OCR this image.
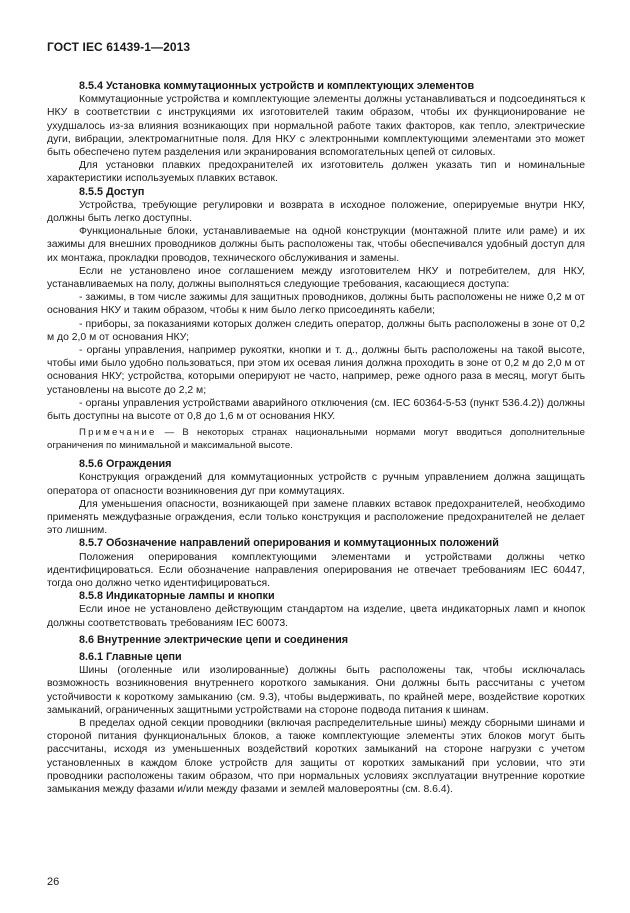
ГОСТ IEC 61439-1—2013

8.5.4 Установка коммутационных устройств и комплектующих элементов

Коммутационные устройства и комплектующие элементы должны устанавливаться и подсоединяться к НКУ в соответствии с инструкциями их изготовителей таким образом, чтобы их функционирование не ухудшалось из-за влияния возникающих при нормальной работе таких факторов, как тепло, электрические дуги, вибрации, электромагнитные поля. Для НКУ с электронными комплектующими элементами это может быть обеспечено путем разделения или экранирования вспомогательных цепей от силовых.

Для установки плавких предохранителей их изготовитель должен указать тип и номинальные характеристики используемых плавких вставок.

8.5.5 Доступ

Устройства, требующие регулировки и возврата в исходное положение, оперируемые внутри НКУ, должны быть легко доступны.

Функциональные блоки, устанавливаемые на одной конструкции (монтажной плите или раме) и их зажимы для внешних проводников должны быть расположены так, чтобы обеспечивался удобный доступ для их монтажа, прокладки проводов, технического обслуживания и замены.

Если не установлено иное соглашением между изготовителем НКУ и потребителем, для НКУ, устанавливаемых на полу, должны выполняться следующие требования, касающиеся доступа:

- зажимы, в том числе зажимы для защитных проводников, должны быть расположены не ниже 0,2 м от основания НКУ и таким образом, чтобы к ним было легко присоединять кабели;

- приборы, за показаниями которых должен следить оператор, должны быть расположены в зоне от 0,2 м до 2,0 м от основания НКУ;

- органы управления, например рукоятки, кнопки и т. д., должны быть расположены на такой высоте, чтобы ими было удобно пользоваться, при этом их осевая линия должна проходить в зоне от 0,2 м до 2,0 м от основания НКУ; устройства, которыми оперируют не часто, например, реже одного раза в месяц, могут быть установлены на высоте до 2,2 м;

- органы управления устройствами аварийного отключения (см. IEC 60364-5-53 (пункт 536.4.2)) должны быть доступны на высоте от 0,8 до 1,6 м от основания НКУ.

Примечание — В некоторых странах национальными нормами могут вводиться дополнительные ограничения по минимальной и максимальной высоте.

8.5.6 Ограждения

Конструкция ограждений для коммутационных устройств с ручным управлением должна защищать оператора от опасности возникновения дуг при коммутациях.

Для уменьшения опасности, возникающей при замене плавких вставок предохранителей, необходимо применять междуфазные ограждения, если только конструкция и расположение предохранителей не делает это лишним.

8.5.7 Обозначение направлений оперирования и коммутационных положений

Положения оперирования комплектующими элементами и устройствами должны четко идентифицироваться. Если обозначение направления оперирования не отвечает требованиям IEC 60447, тогда оно должно четко идентифицироваться.

8.5.8 Индикаторные лампы и кнопки

Если иное не установлено действующим стандартом на изделие, цвета индикаторных ламп и кнопок должны соответствовать требованиям IEC 60073.

8.6 Внутренние электрические цепи и соединения

8.6.1 Главные цепи

Шины (оголенные или изолированные) должны быть расположены так, чтобы исключалась возможность возникновения внутреннего короткого замыкания. Они должны быть рассчитаны с учетом устойчивости к короткому замыканию (см. 9.3), чтобы выдерживать, по крайней мере, воздействие коротких замыканий, ограниченных защитными устройствами на стороне подвода питания к шинам.

В пределах одной секции проводники (включая распределительные шины) между сборными шинами и стороной питания функциональных блоков, а также комплектующие элементы этих блоков могут быть рассчитаны, исходя из уменьшенных воздействий коротких замыканий на стороне нагрузки с учетом установленных в каждом блоке устройств для защиты от коротких замыканий при условии, что эти проводники расположены таким образом, что при нормальных условиях эксплуатации внутренние короткие замыкания между фазами и/или между фазами и землей маловероятны (см. 8.6.4).

26
